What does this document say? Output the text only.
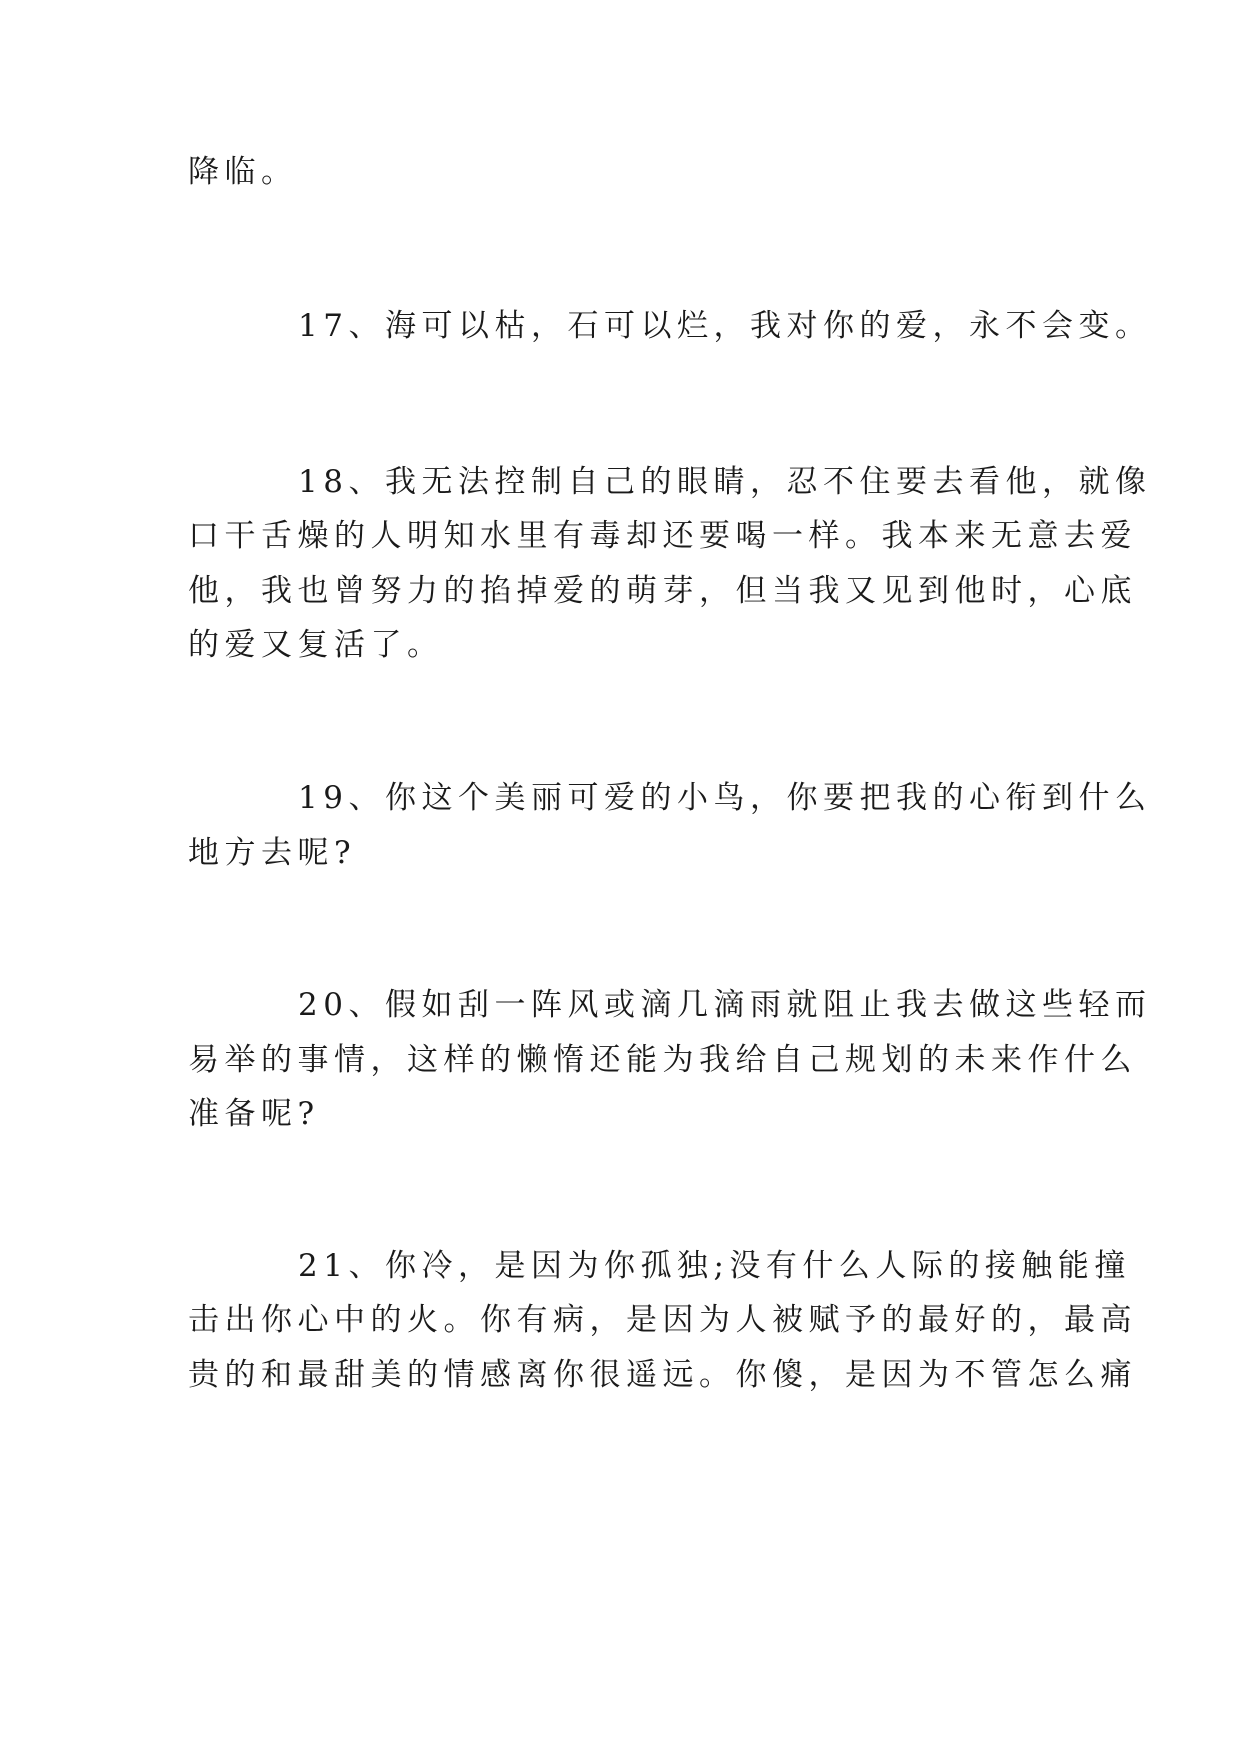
降临。
17、海可以枯，石可以烂，我对你的爱，永不会变。
18、我无法控制自己的眼睛，忍不住要去看他，就像
口干舌燥的人明知水里有毒却还要喝一样。我本来无意去爱
他，我也曾努力的掐掉爱的萌芽，但当我又见到他时，心底
的爱又复活了。
19、你这个美丽可爱的小鸟，你要把我的心衔到什么
地方去呢?
20、假如刮一阵风或滴几滴雨就阻止我去做这些轻而
易举的事情，这样的懒惰还能为我给自己规划的未来作什么
准备呢?
21、你冷，是因为你孤独;没有什么人际的接触能撞
击出你心中的火。你有病，是因为人被赋予的最好的，最高
贵的和最甜美的情感离你很遥远。你傻，是因为不管怎么痛
